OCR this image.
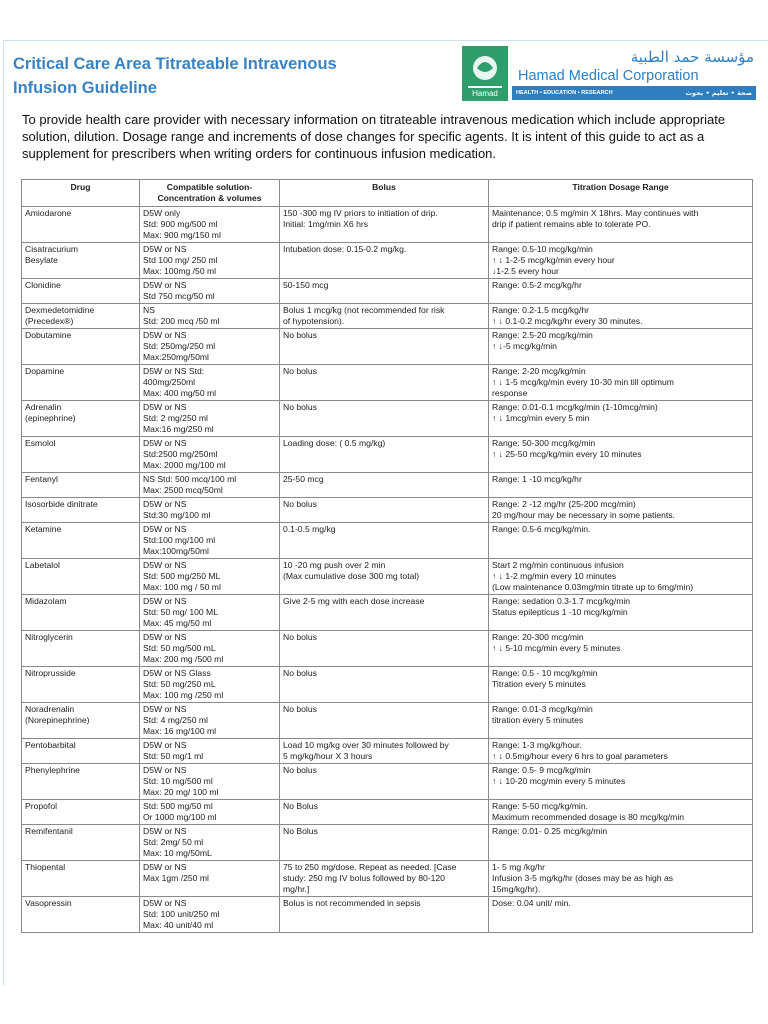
Critical Care Area Titrateable Intravenous
Infusion Guideline	Hamad
مؤسسة حمد الطبية
Hamad Medical Corporation
HEALTH • EDUCATION • RESEARCH	صحة • تعليم • بحوث
To provide health care provider with necessary information on titrateable intravenous medication which include appropriate solution, dilution. Dosage range and increments of dose changes for specific agents. It is intent of this guide to act as a supplement for prescribers when writing orders for continuous infusion medication.
Drug	Compatible solution-
Concentration & volumes	Bolus	Titration Dosage Range

Amiodarone	D5W only
Std: 900 mg/500 ml
Max: 900 mg/150 ml	150 -300 mg IV priors to initiation of drip.
Initial: 1mg/min X6 hrs	Maintenance: 0.5 mg/min X 18hrs. May continues with
drip if patient remains able to tolerate PO.

Cisatracurium
Besylate	D5W or NS
Std 100 mg/ 250 ml
Max: 100mg /50 ml	Intubation dose: 0.15-0.2 mg/kg.	Range: 0.5-10 mcg/kg/min
↑ ↓ 1-2-5 mcg/kg/min every hour
↓1-2.5 every hour

Clonidine	D5W or NS
Std 750 mcg/50 ml	50-150 mcg	Range: 0.5-2 mcg/kg/hr

Dexmedetomidine
(Precedex®)	NS
Std: 200 mcq /50 ml	Bolus 1 mcg/kg (not recommended for risk
of hypotension).	Range: 0.2-1.5 mcg/kg/hr
↑ ↓ 0.1-0.2 mcg/kg/hr every 30 minutes.

Dobutamine	D5W or NS
Std: 250mg/250 ml
Max:250mg/50ml	No bolus	Range: 2.5-20 mcg/kg/min
↑ ↓-5 mcg/kg/min

Dopamine	D5W or NS Std:
400mg/250ml
Max: 400 mg/50 ml	No bolus	Range: 2-20 mcg/kg/min
↑ ↓ 1-5 mcg/kg/min every 10-30 min till optimum
response

Adrenalin
(epinephrine)	D5W or NS
Std: 2 mg/250 ml
Max:16 mg/250 ml	No bolus	Range: 0.01-0.1 mcg/kg/min (1-10mcg/min)
↑ ↓ 1mcg/min every 5 min

Esmolol	D5W or NS
Std:2500 mg/250ml
Max: 2000 mg/100 ml	Loading dose: ( 0.5 mg/kg)	Range: 50-300 mcg/kg/min
↑ ↓ 25-50 mcg/kg/min every 10 minutes

Fentanyl	NS Std: 500 mcq/100 ml
Max: 2500 mcq/50ml	25-50 mcg	Range: 1 -10 mcg/kg/hr

Isosorbide dinitrate	D5W or NS
Std:30 mg/100 ml	No bolus	Range: 2 -12 mg/hr (25-200 mcg/min)
20 mg/hour may be necessary in some patients.

Ketamine	D5W or NS
Std:100 mg/100 ml
Max:100mg/50ml	0.1-0.5 mg/kg	Range: 0.5-6 mcg/kg/min.

Labetalol	D5W or NS
Std: 500 mg/250 ML
Max: 100 mg / 50 ml	10 -20 mg push over 2 min
(Max cumulative dose 300 mg total)	Start 2 mg/min continuous infusion
↑ ↓ 1-2 mg/min every 10 minutes
(Low maintenance 0.03mg/min titrate up to 6mg/min)

Midazolam	D5W or NS
Std: 50 mg/ 100 ML
Max: 45 mg/50 ml	Give 2-5 mg with each dose increase	Range: sedation 0.3-1.7 mcg/kg/min
Status epilepticus 1 -10 mcg/kg/min

Nitroglycerin	D5W or NS
Std: 50 mg/500 mL
Max: 200 mg /500 ml	No bolus	Range: 20-300 mcg/min
↑ ↓ 5-10 mcg/min every 5 minutes

Nitroprusside	D5W or NS Glass
Std: 50 mg/250 mL
Max: 100 mg /250 ml	No bolus	Range: 0.5 - 10 mcg/kg/min
Titration every 5 minutes

Noradrenalin
(Norepinephrine)	D5W or NS
Std: 4 mg/250 ml
Max: 16 mg/100 ml	No bolus	Range: 0.01-3 mcg/kg/min
titration every 5 minutes

Pentobarbital	D5W or NS
Std: 50 mg/1 ml	Load 10 mg/kg over 30 minutes followed by
5 mg/kg/hour X 3 hours	Range: 1-3 mg/kg/hour.
↑ ↓ 0.5mg/hour every 6 hrs to goal parameters

Phenylephrine	D5W or NS
Std: 10 mg/500 ml
Max: 20 mg/ 100 ml	No bolus	Range: 0.5- 9 mcg/kg/min
↑ ↓ 10-20 mcg/min every 5 minutes

Propofol	Std: 500 mg/50 ml
Or 1000 mg/100 ml	No Bolus	Range: 5-50 mcg/kg/min.
Maximum recommended dosage is 80 mcg/kg/min

Remifentanil	D5W or NS
Std: 2mg/ 50 ml
Max: 10 mg/50mL	No Bolus	Range: 0.01- 0.25 mcg/kg/min

Thiopental	D5W or NS
Max 1gm /250 ml	75 to 250 mg/dose. Repeat as needed. [Case
study: 250 mg IV bolus followed by 80-120
mg/hr.]	1- 5 mg /kg/hr
Infusion 3-5 mg/kg/hr (doses may be as high as
15mg/kg/hr).

Vasopressin	D5W or NS
Std: 100 unit/250 ml
Max: 40 unit/40 ml	Bolus is not recommended in sepsis	Dose: 0.04 unit/ min.
